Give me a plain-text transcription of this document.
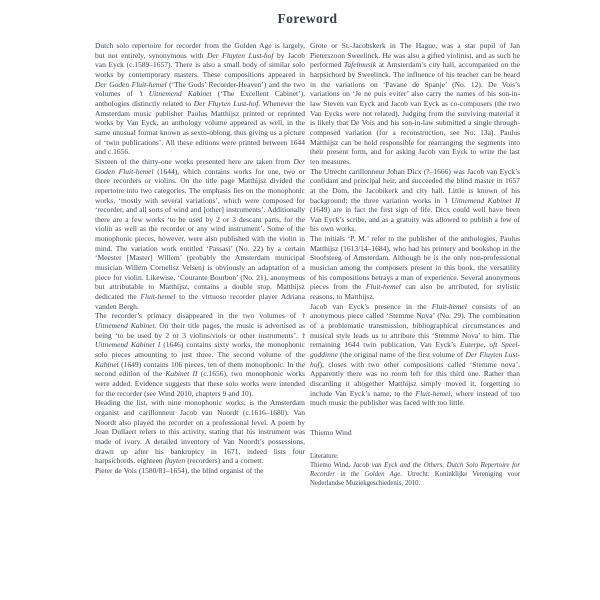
Foreword

Dutch solo repertoire for recorder from the Golden Age is largely, but not entirely, synonymous with Der Fluyten Lust-hof by Jacob van Eyck (c.1589–1657). There is also a small body of similar solo works by contemporary masters. These compositions appeared in Der Goden Fluit-hemel (‘The Gods’ Recorder-Heaven’) and the two volumes of ’t Uitnemend Kabinet (‘The Excellent Cabinet’), anthologies distinctly related to Der Fluyten Lust-hof. Whenever the Amsterdam music publisher Paulus Matthijsz printed or reprinted works by Van Eyck, an anthology volume appeared as well, in the same unusual format known as sexto-oblong, thus giving us a picture of ‘twin publications’. All these editions were printed between 1644 and c.1656.

Sixteen of the thirty-one works presented here are taken from Der Goden Fluit-hemel (1644), which contains works for one, two or three recorders or violins. On the title page Matthijsz divided the repertoire into two categories. The emphasis lies on the monophonic works, ‘mostly with several variations’, which were composed for ‘recorder, and all sorts of wind and [other] instruments’. Additionally there are a few works ‘to be used by 2 or 3 descant parts, for the violin as well as the recorder or any wind instrument’. Some of the monophonic pieces, however, were also published with the violin in mind. The variation work entitled ‘Passasi’ (No. 22) by a certain ‘Meester [Master] Willem’ (probably the Amsterdam municipal musician Willem Cornelisz Velsen) is obviously an adaptation of a piece for violin. Likewise, ‘Courante Bourbon’ (No. 21), anonymous but attributable to Matthijsz, contains a double stop. Matthijsz dedicated the Fluit-hemel to the virtuoso recorder player Adriana vanden Bergh.

The recorder’s primacy disappeared in the two volumes of ’t Uitnemend Kabinet. On their title pages, the music is advertised as being ‘to be used by 2 or 3 violins/viols or other instruments’. ’t Uitnemend Kabinet I (1646) contains sixty works, the monophonic solo pieces amounting to just three. The second volume of the Kabinet (1649) contains 106 pieces, ten of them monophonic. In the second edition of the Kabinet II (c.1656), two monophonic works were added. Evidence suggests that these solo works were intended for the recorder (see Wind 2010, chapters 9 and 10).

Heading the list, with nine monophonic works, is the Amsterdam organist and carillonneur Jacob van Noordt (c.1616–1680). Van Noordt also played the recorder on a professional level. A poem by Joan Dullaert refers to this activity, stating that his instrument was made of ivory. A detailed inventory of Van Noordt’s possessions, drawn up after his bankruptcy in 1671, indeed lists four harpsichords, eighteen fluyten (recorders) and a cornett.

Pieter de Vois (1580/81–1654), the blind organist of the

Grote or St.-Jacobskerk in The Hague, was a star pupil of Jan Pieterszoon Sweelinck. He was also a gifted violinist, and as such he performed Tafelmusik at Amsterdam’s city hall, accompanied on the harpsichord by Sweelinck. The influence of his teacher can be heard in the variations on ‘Pavane de Spanje’ (No. 12). De Vois’s variations on ‘Je ne puis eviter’ also carry the names of his son-in-law Steven van Eyck and Jacob van Eyck as co-composers (the two Van Eycks were not related). Judging from the surviving material it is likely that De Vois and his son-in-law submitted a single through-composed variation (for a reconstruction, see No. 13a). Paulus Matthijsz can be held responsible for rearranging the segments into their present form, and for asking Jacob van Eyck to write the last ten measures.

The Utrecht carillonneur Johan Dicx (?–1666) was Jacob van Eyck’s confidant and principal heir, and succeeded the blind master in 1657 at the Dom, the Jacobikerk and city hall. Little is known of his background; the three variation works in ’t Uitnemend Kabinet II (1649) are in fact the first sign of life. Dicx could well have been Van Eyck’s scribe, and as a gratuity was allowed to publish a few of his own works.

The initials ‘P. M.’ refer to the publisher of the anthologies, Paulus Matthijsz (1613/14–1684), who had his printery and bookshop in the Stoofsteeg of Amsterdam. Although he is the only non-professional musician among the composers present in this book, the versatility of his compositions betrays a man of experience. Several anonymous pieces from the Fluit-hemel can also be attributed, for stylistic reasons, to Matthijsz.

Jacob van Eyck’s presence in the Fluit-hemel consists of an anonymous piece called ‘Stemme Nova’ (No. 29). The combination of a problematic transmission, bibliographical circumstances and musical style leads us to attribute this ‘Stemme Nova’ to him. The remaining 1644 twin publication, Van Eyck’s Euterpe, oft Speel-goddinne (the original name of the first volume of Der Fluyten Lust-hof), closes with two other compositions called ‘Stemme nova’. Apparently there was no room left for this third one. Rather than discarding it altogether Matthijsz simply moved it, forgetting to include Van Eyck’s name, to the Fluit-hemel, where instead of too much music the publisher was faced with too little.

Thiemo Wind

Literature:

Thiemo Wind, Jacob van Eyck and the Others. Dutch Solo Repertoire for Recorder in the Golden Age. Utrecht: Koninklijke Vereniging voor Nederlandse Muziekgeschiedenis, 2010.
